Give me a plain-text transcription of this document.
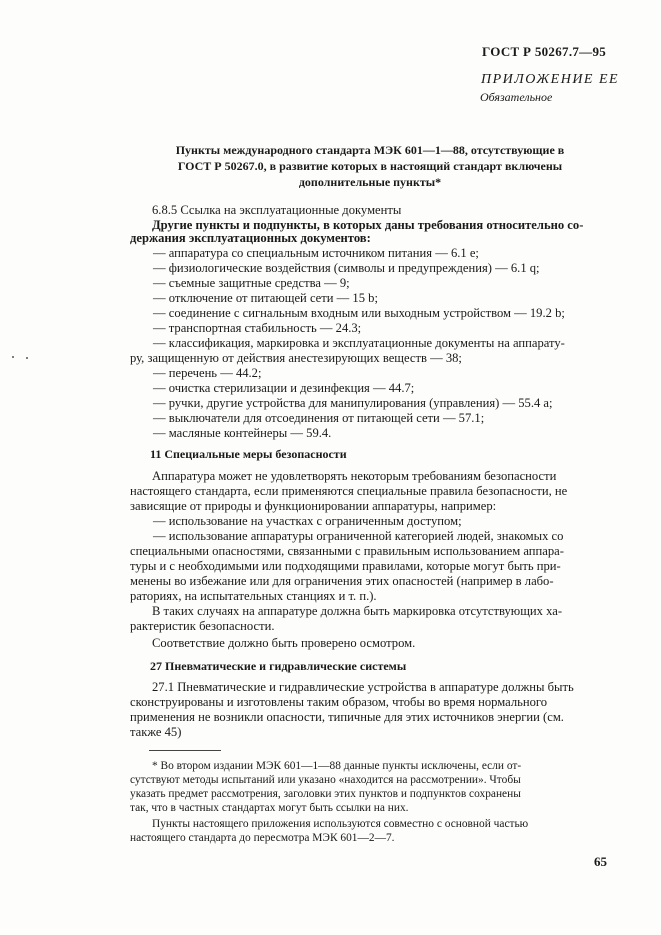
ГОСТ Р 50267.7—95

ПРИЛОЖЕНИЕ ЕЕ

Обязательное

Пункты международного стандарта МЭК 601—1—88, отсутствующие в

ГОСТ Р 50267.0, в развитие которых в настоящий стандарт включены

дополнительные пункты*

6.8.5 Ссылка на эксплуатационные документы

Другие пункты и подпункты, в которых даны требования относительно со-

держания эксплуатационных документов:

— аппаратура со специальным источником питания — 6.1 е;

— физиологические воздействия (символы и предупреждения) — 6.1 q;

— съемные защитные средства — 9;

— отключение от питающей сети — 15 b;

— соединение с сигнальным входным или выходным устройством — 19.2 b;

— транспортная стабильность — 24.3;

— классификация, маркировка и эксплуатационные документы на аппарату-

ру, защищенную от действия анестезирующих веществ — 38;

— перечень — 44.2;

— очистка стерилизации и дезинфекция — 44.7;

— ручки, другие устройства для манипулирования (управления) — 55.4 а;

— выключатели для отсоединения от питающей сети — 57.1;

— масляные контейнеры — 59.4.

11 Специальные меры безопасности

Аппаратура может не удовлетворять некоторым требованиям безопасности

настоящего стандарта, если применяются специальные правила безопасности, не

зависящие от природы и функционировании аппаратуры, например:

— использование на участках с ограниченным доступом;

— использование аппаратуры ограниченной категорией людей, знакомых со

специальными опасностями, связанными с правильным использованием аппара-

туры и с необходимыми или подходящими правилами, которые могут быть при-

менены во избежание или для ограничения этих опасностей (например в лабо-

раториях, на испытательных станциях и т. п.).

В таких случаях на аппаратуре должна быть маркировка отсутствующих ха-

рактеристик безопасности.

Соответствие должно быть проверено осмотром.

27 Пневматические и гидравлические системы

27.1 Пневматические и гидравлические устройства в аппаратуре должны быть

сконструированы и изготовлены таким образом, чтобы во время нормального

применения не возникли опасности, типичные для этих источников энергии (см.

также 45)

* Во втором издании МЭК 601—1—88 данные пункты исключены, если от-

сутствуют методы испытаний или указано «находится на рассмотрении». Чтобы

указать предмет рассмотрения, заголовки этих пунктов и подпунктов сохранены

так, что в частных стандартах могут быть ссылки на них.

Пункты настоящего приложения используются совместно с основной частью

настоящего стандарта до пересмотра МЭК 601—2—7.

65
